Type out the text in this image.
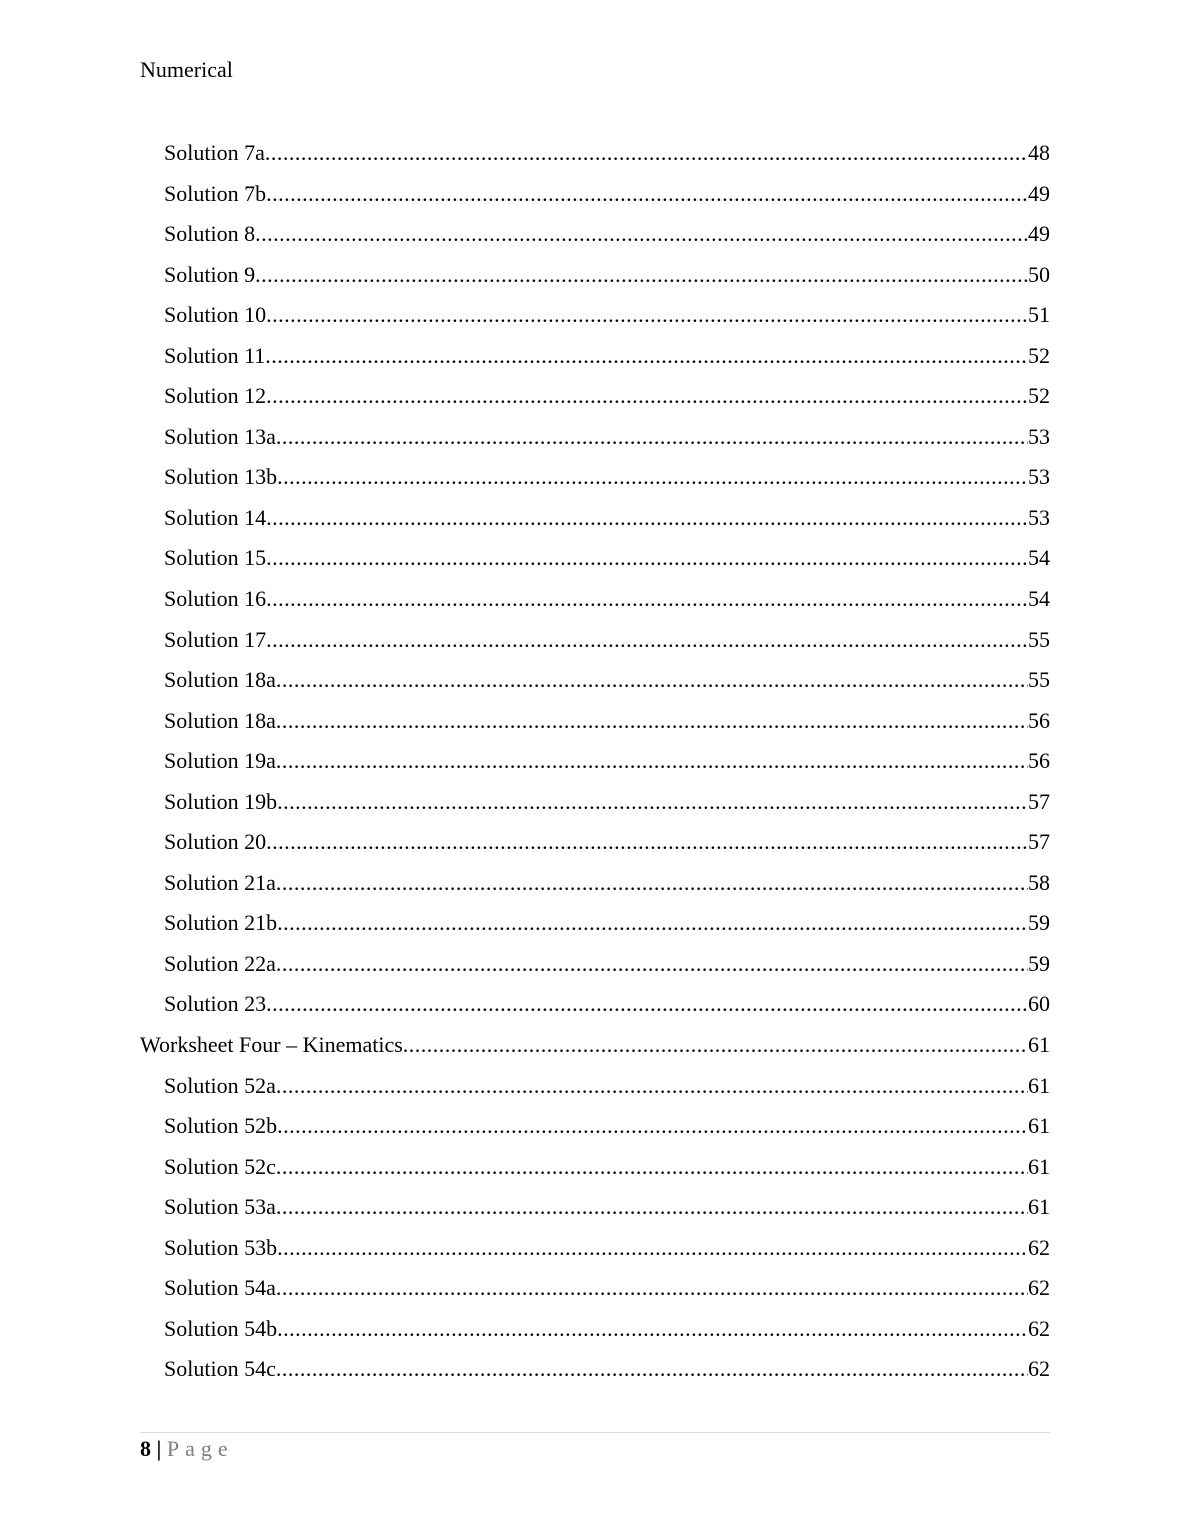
Numerical
Solution 7a .....	48
Solution 7b .....	49
Solution 8 .....	49
Solution 9 .....	50
Solution 10 .....	51
Solution 11 .....	52
Solution 12 .....	52
Solution 13a .....	53
Solution 13b .....	53
Solution 14 .....	53
Solution 15 .....	54
Solution 16 .....	54
Solution 17 .....	55
Solution 18a .....	55
Solution 18a .....	56
Solution 19a .....	56
Solution 19b .....	57
Solution 20 .....	57
Solution 21a .....	58
Solution 21b .....	59
Solution 22a .....	59
Solution 23 .....	60
Worksheet Four – Kinematics .....	61
Solution 52a .....	61
Solution 52b .....	61
Solution 52c .....	61
Solution 53a .....	61
Solution 53b .....	62
Solution 54a .....	62
Solution 54b .....	62
Solution 54c .....	62
8 | Page
